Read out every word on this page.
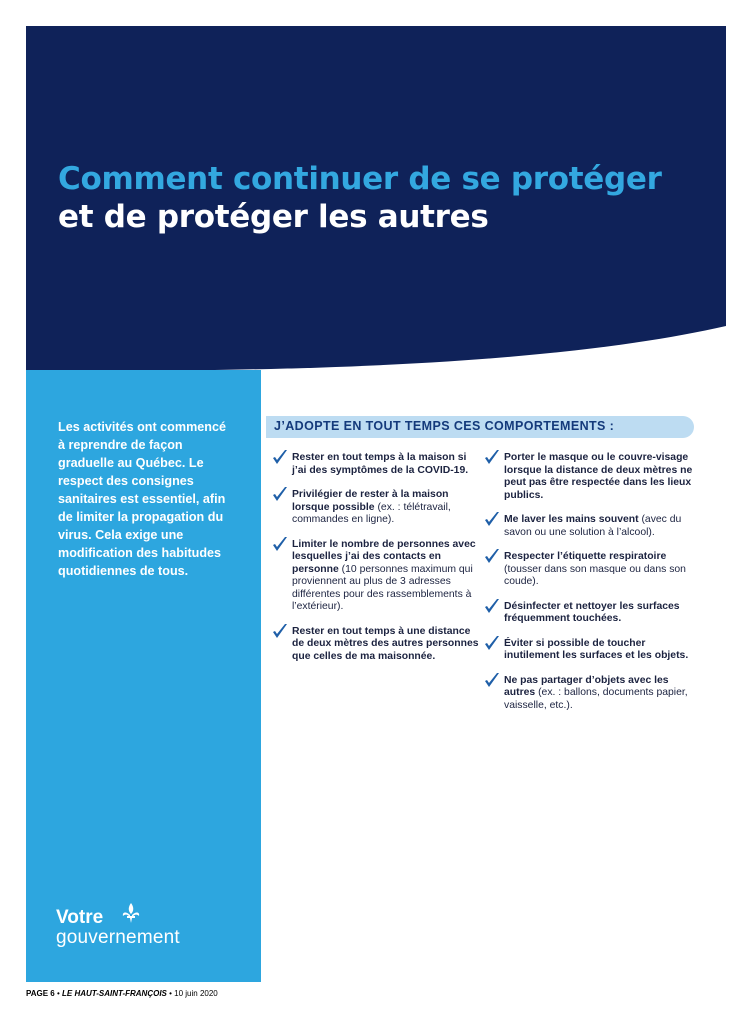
Comment continuer de se protéger
et de protéger les autres

Les activités ont commencé à reprendre de façon graduelle au Québec. Le respect des consignes sanitaires est essentiel, afin de limiter la propagation du virus. Cela exige une modification des habitudes quotidiennes de tous.

Votre
gouvernement
J’ADOPTE EN TOUT TEMPS CES COMPORTEMENTS :

Rester en tout temps à la maison si j’ai des symptômes de la COVID-19.

Privilégier de rester à la maison lorsque possible (ex. : télétravail, commandes en ligne).

Limiter le nombre de personnes avec lesquelles j’ai des contacts en personne (10 personnes maximum qui proviennent au plus de 3 adresses différentes pour des rassemblements à l’extérieur).

Rester en tout temps à une distance de deux mètres des autres personnes que celles de ma maisonnée.

Porter le masque ou le couvre-visage lorsque la distance de deux mètres ne peut pas être respectée dans les lieux publics.

Me laver les mains souvent (avec du savon ou une solution à l’alcool).

Respecter l’étiquette respiratoire (tousser dans son masque ou dans son coude).

Désinfecter et nettoyer les surfaces fréquemment touchées.

Éviter si possible de toucher inutilement les surfaces et les objets.

Ne pas partager d’objets avec les autres (ex. : ballons, documents papier, vaisselle, etc.).

PAGE 6 • LE HAUT-SAINT-FRANÇOIS • 10 juin 2020
